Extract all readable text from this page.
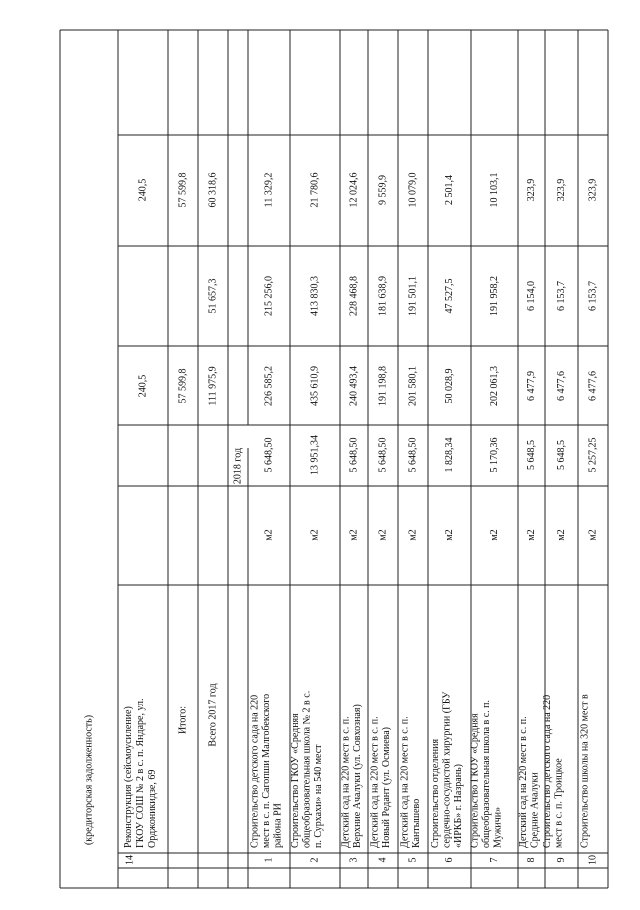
(кредиторская задолженность)
14
Реконструкция (сейсмоусиление)ГКОУ СОШ № 2 в с. п. Яндаре, ул.Орджоникидзе, 69
240,5
240,5
Итого:
57 599,8
57 599,8
Всего 2017 год
111 975,9
51 657,3
60 318,6
2018 год
1
Строительство детского сада на 220мест в с. п. Сагопши Малгобекскогорайона РИ
м2
5 648,50
226 585,2
215 256,0
11 329,2
2
Строительство ГКОУ «Средняяобщеобразовательная школа № 2 в с.п. Сурхахи» на 540 мест
м2
13 951,34
435 610,9
413 830,3
21 780,6
3
Детский сад на 220 мест в с. п.Верхние Ачалуки (ул. Совхозная)
м2
5 648,50
240 493,4
228 468,8
12 024,6
4
Детский сад на 220 мест в с. п.Новый Редант (ул. Осмиева)
м2
5 648,50
191 198,8
181 638,9
9 559,9
5
Детский сад на 220 мест в с. п.Кантышево
м2
5 648,50
201 580,1
191 501,1
10 079,0
6
Строительство отделениясердечно-сосудистой хирургии (ГБУ«ИРКБ» г. Назрань)
м2
1 828,34
50 028,9
47 527,5
2 501,4
7
Строительство ГКОУ «Средняяобщеобразовательная школа в с. п.Мужичи»
м2
5 170,36
202 061,3
191 958,2
10 103,1
8
Детский сад на 220 мест в с. п.Средние Ачалуки
м2
5 648,5
6 477,9
6 154,0
323,9
9
Строительство детского сада на 220мест в с. п. Троицкое
м2
5 648,5
6 477,6
6 153,7
323,9
10
Строительство школы на 320 мест в
м2
5 257,25
6 477,6
6 153,7
323,9
